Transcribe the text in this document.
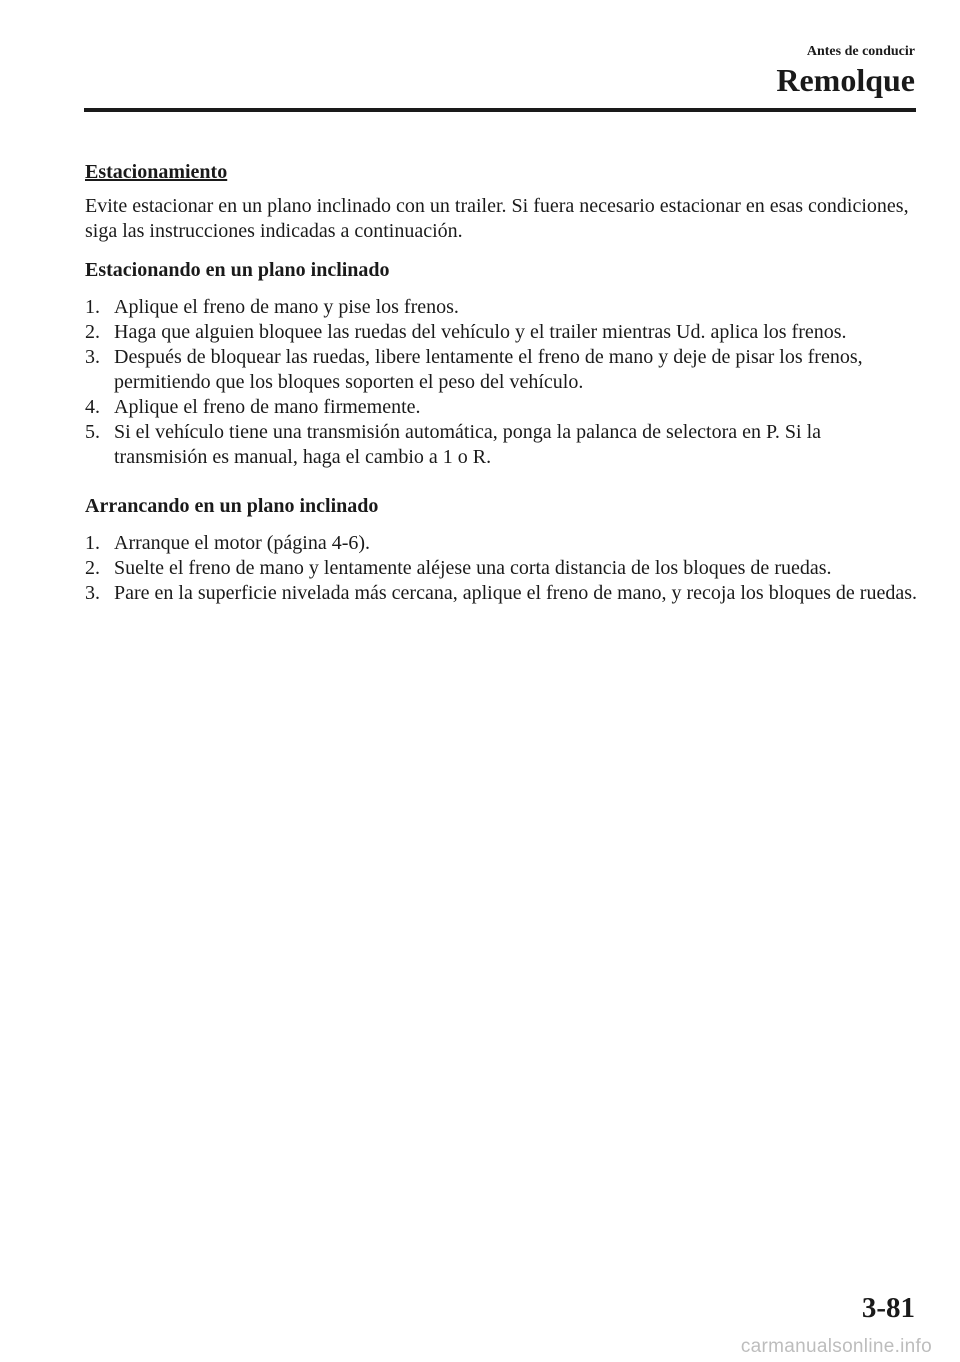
Antes de conducir
Remolque
Estacionamiento

Evite estacionar en un plano inclinado con un trailer. Si fuera necesario estacionar en esas condiciones, siga las instrucciones indicadas a continuación.

Estacionando en un plano inclinado
1. Aplique el freno de mano y pise los frenos.
2. Haga que alguien bloquee las ruedas del vehículo y el trailer mientras Ud. aplica los frenos.
3. Después de bloquear las ruedas, libere lentamente el freno de mano y deje de pisar los frenos, permitiendo que los bloques soporten el peso del vehículo.
4. Aplique el freno de mano firmemente.
5. Si el vehículo tiene una transmisión automática, ponga la palanca de selectora en P. Si la transmisión es manual, haga el cambio a 1 o R.
Arrancando en un plano inclinado
1. Arranque el motor (página 4-6).
2. Suelte el freno de mano y lentamente aléjese una corta distancia de los bloques de ruedas.
3. Pare en la superficie nivelada más cercana, aplique el freno de mano, y recoja los bloques de ruedas.
3-81
carmanualsonline.info
